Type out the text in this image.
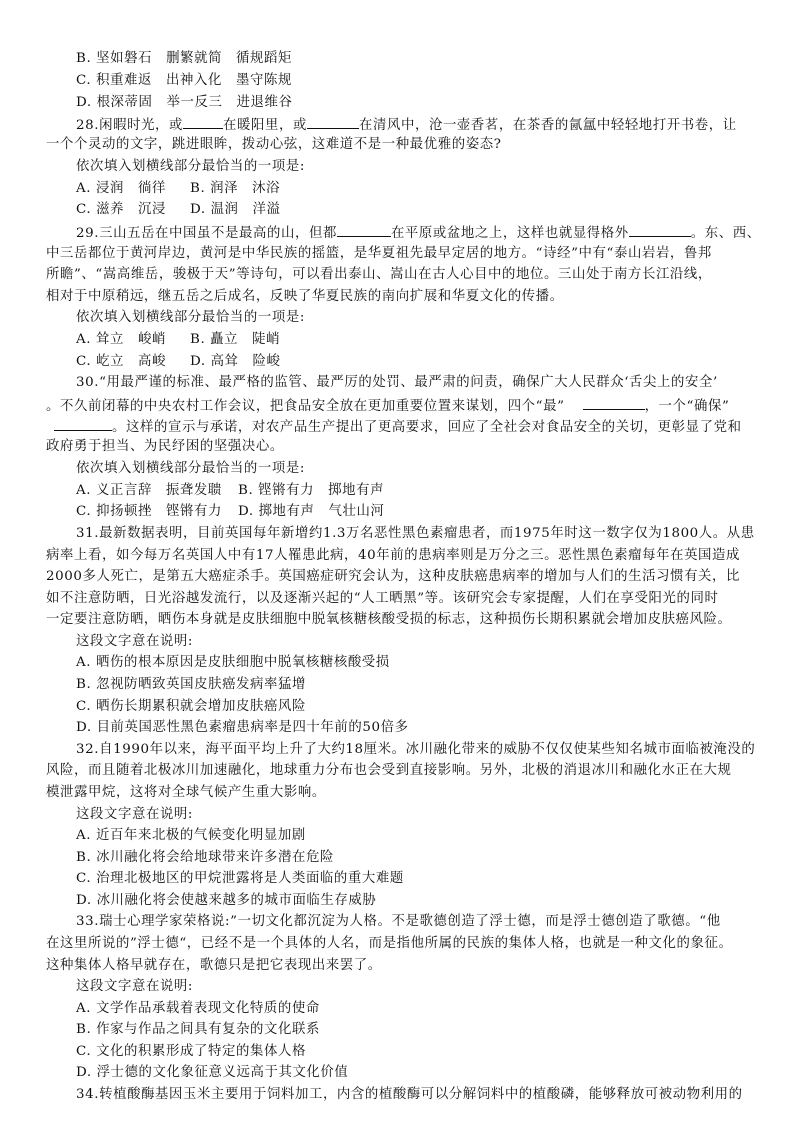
B. 坚如磐石　删繁就简　循规蹈矩
C. 积重难返　出神入化　墨守陈规
D. 根深蒂固　举一反三　进退维谷
28.闲暇时光，或	在暖阳里，或	在清风中，沧一壶香茗，在茶香的氤氲中轻轻地打开书卷，让
一个个灵动的文字，跳进眼眸，拨动心弦，这难道不是一种最优雅的姿态?
依次填入划横线部分最恰当的一项是:
A. 浸润　徜徉 B. 润泽　沐浴
C. 滋养　沉浸 D. 温润　洋溢
29.三山五岳在中国虽不是最高的山，但都	在平原或盆地之上，这样也就显得格外	。东、西、
中三岳都位于黄河岸边，黄河是中华民族的摇篮，是华夏祖先最早定居的地方。“诗经”中有“泰山岩岩，鲁邦
所瞻”、“嵩高维岳，骏极于天”等诗句，可以看出泰山、嵩山在古人心目中的地位。三山处于南方长江沿线，
相对于中原稍远，继五岳之后成名，反映了华夏民族的南向扩展和华夏文化的传播。
依次填入划横线部分最恰当的一项是:
A. 耸立　峻峭 B. 矗立　陡峭
C. 屹立　高峻 D. 高耸　险峻
30.“用最严谨的标准、最严格的监管、最严厉的处罚、最严肃的问责，确保广大人民群众‘舌尖上的安全’
。不久前闭幕的中央农村工作会议，把食品安全放在更加重要位置来谋划，四个“最”	，一个“确保”
。这样的宣示与承诺，对农产品生产提出了更高要求，回应了全社会对食品安全的关切，更彰显了党和
政府勇于担当、为民纾困的坚强决心。
依次填入划横线部分最恰当的一项是:
A. 义正言辞　振聋发聩 B. 铿锵有力　掷地有声
C. 抑扬顿挫　铿锵有力 D. 掷地有声　气壮山河
31.最新数据表明，目前英国每年新增约1.3万名恶性黑色素瘤患者，而1975年时这一数字仅为1800人。从患
病率上看，如今每万名英国人中有17人罹患此病，40年前的患病率则是万分之三。恶性黑色素瘤每年在英国造成
2000多人死亡，是第五大癌症杀手。英国癌症研究会认为，这种皮肤癌患病率的增加与人们的生活习惯有关，比
如不注意防晒，日光浴越发流行，以及逐渐兴起的“人工晒黑”等。该研究会专家提醒，人们在享受阳光的同时
一定要注意防晒，晒伤本身就是皮肤细胞中脱氧核糖核酸受损的标志，这种损伤长期积累就会增加皮肤癌风险。
这段文字意在说明:
A. 晒伤的根本原因是皮肤细胞中脱氧核糖核酸受损
B. 忽视防晒致英国皮肤癌发病率猛增
C. 晒伤长期累积就会增加皮肤癌风险
D. 目前英国恶性黑色素瘤患病率是四十年前的50倍多
32.自1990年以来，海平面平均上升了大约18厘米。冰川融化带来的威胁不仅仅使某些知名城市面临被淹没的
风险，而且随着北极冰川加速融化，地球重力分布也会受到直接影响。另外，北极的消退冰川和融化水正在大规
模泄露甲烷，这将对全球气候产生重大影响。
这段文字意在说明:
A. 近百年来北极的气候变化明显加剧
B. 冰川融化将会给地球带来许多潜在危险
C. 治理北极地区的甲烷泄露将是人类面临的重大难题
D. 冰川融化将会使越来越多的城市面临生存威胁
33.瑞士心理学家荣格说:”一切文化都沉淀为人格。不是歌德创造了浮士德，而是浮士德创造了歌德。“他
在这里所说的”浮士德“，已经不是一个具体的人名，而是指他所属的民族的集体人格，也就是一种文化的象征。
这种集体人格早就存在，歌德只是把它表现出来罢了。
这段文字意在说明:
A. 文学作品承载着表现文化特质的使命
B. 作家与作品之间具有复杂的文化联系
C. 文化的积累形成了特定的集体人格
D. 浮士德的文化象征意义远高于其文化价值
34.转植酸酶基因玉米主要用于饲料加工，内含的植酸酶可以分解饲料中的植酸磷，能够释放可被动物利用的
